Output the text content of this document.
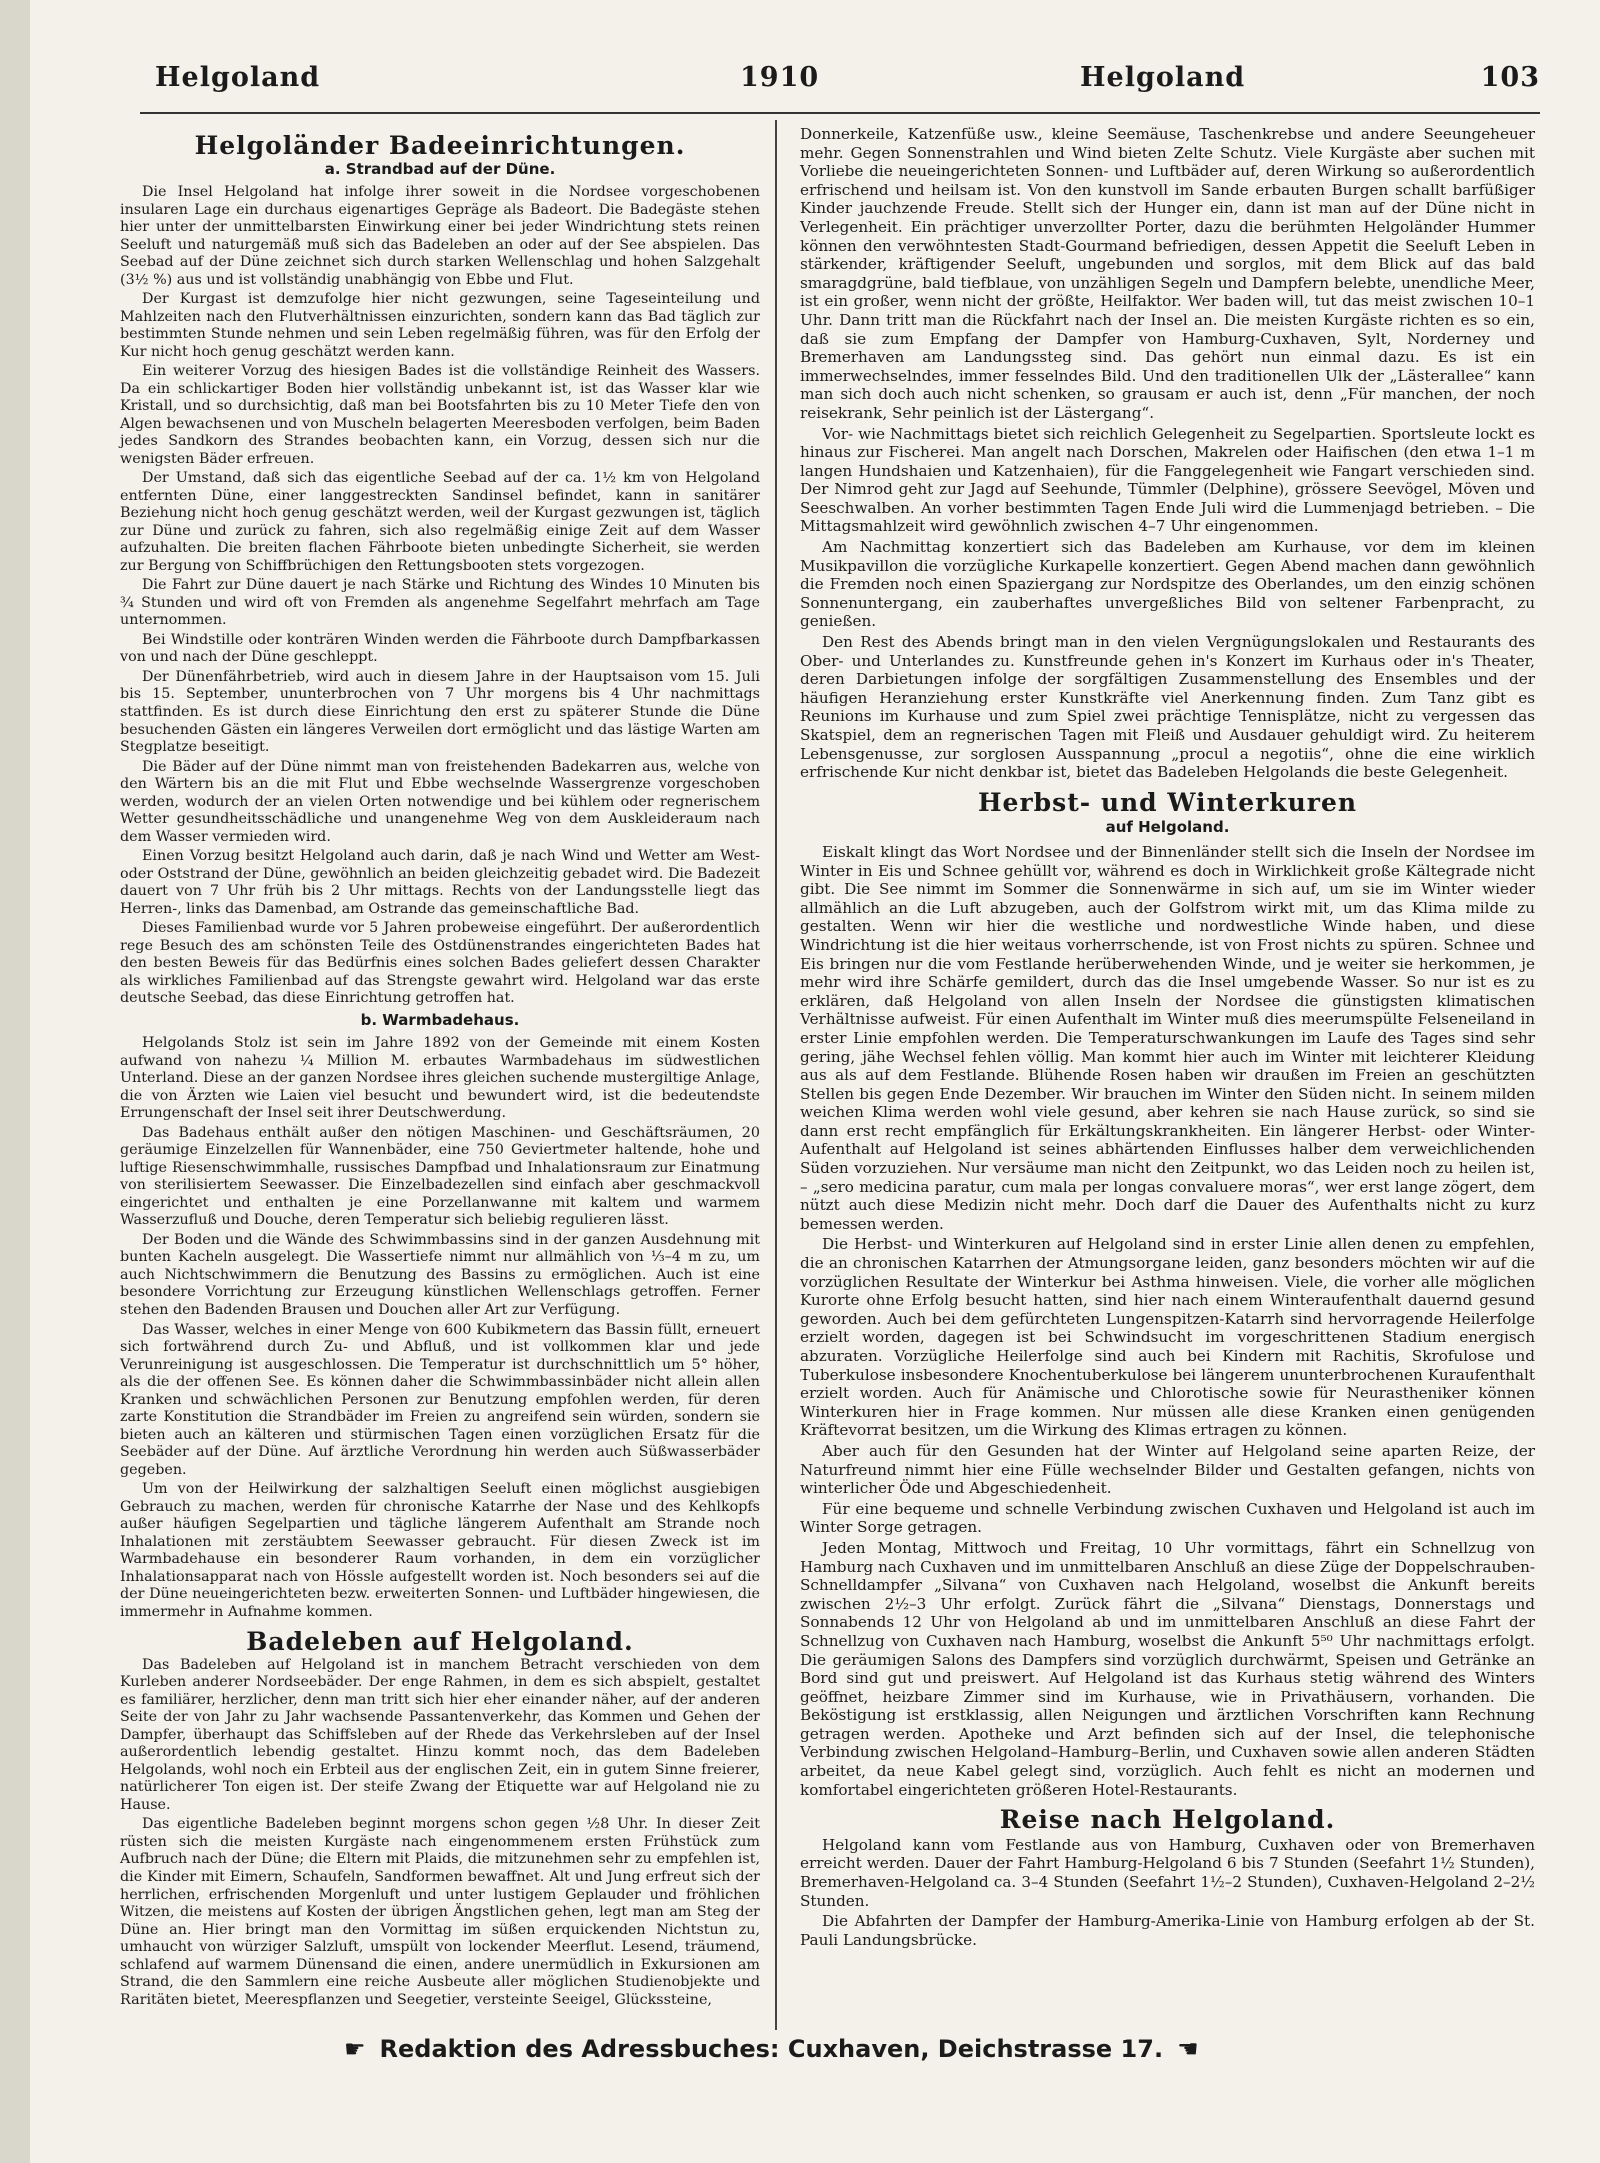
Helgoland	1910	Helgoland	103
Helgoländer Badeeinrichtungen.
a. Strandbad auf der Düne.

Die Insel Helgoland hat infolge ihrer soweit in die Nordsee vorgeschobenen insularen Lage ein durchaus eigenartiges Gepräge als Badeort. Die Badegäste stehen hier unter der unmittelbarsten Einwirkung einer bei jeder Windrichtung stets reinen Seeluft und naturgemäß muß sich das Badeleben an oder auf der See abspielen. Das Seebad auf der Düne zeichnet sich durch starken Wellenschlag und hohen Salzgehalt (3½ %) aus und ist vollständig unabhängig von Ebbe und Flut.

Der Kurgast ist demzufolge hier nicht gezwungen, seine Tageseinteilung und Mahlzeiten nach den Flutverhältnissen einzurichten, sondern kann das Bad täglich zur bestimmten Stunde nehmen und sein Leben regelmäßig führen, was für den Erfolg der Kur nicht hoch genug geschätzt werden kann.

Ein weiterer Vorzug des hiesigen Bades ist die vollständige Reinheit des Wassers. Da ein schlickartiger Boden hier vollständig unbekannt ist, ist das Wasser klar wie Kristall, und so durchsichtig, daß man bei Bootsfahrten bis zu 10 Meter Tiefe den von Algen bewachsenen und von Muscheln belagerten Meeresboden verfolgen, beim Baden jedes Sandkorn des Strandes beobachten kann, ein Vorzug, dessen sich nur die wenigsten Bäder erfreuen.

Der Umstand, daß sich das eigentliche Seebad auf der ca. 1½ km von Helgoland entfernten Düne, einer langgestreckten Sandinsel befindet, kann in sanitärer Beziehung nicht hoch genug geschätzt werden, weil der Kurgast gezwungen ist, täglich zur Düne und zurück zu fahren, sich also regelmäßig einige Zeit auf dem Wasser aufzuhalten. Die breiten flachen Fährboote bieten unbedingte Sicherheit, sie werden zur Bergung von Schiffbrüchigen den Rettungsbooten stets vorgezogen.

Die Fahrt zur Düne dauert je nach Stärke und Richtung des Windes 10 Minuten bis ¾ Stunden und wird oft von Fremden als angenehme Segelfahrt mehrfach am Tage unternommen.

Bei Windstille oder konträren Winden werden die Fährboote durch Dampfbarkassen von und nach der Düne geschleppt.

Der Dünenfährbetrieb, wird auch in diesem Jahre in der Hauptsaison vom 15. Juli bis 15. September, ununterbrochen von 7 Uhr morgens bis 4 Uhr nachmittags stattfinden. Es ist durch diese Einrichtung den erst zu späterer Stunde die Düne besuchenden Gästen ein längeres Verweilen dort ermöglicht und das lästige Warten am Stegplatze beseitigt.

Die Bäder auf der Düne nimmt man von freistehenden Badekarren aus, welche von den Wärtern bis an die mit Flut und Ebbe wechselnde Wassergrenze vorgeschoben werden, wodurch der an vielen Orten notwendige und bei kühlem oder regnerischem Wetter gesundheitsschädliche und unangenehme Weg von dem Auskleideraum nach dem Wasser vermieden wird.

Einen Vorzug besitzt Helgoland auch darin, daß je nach Wind und Wetter am West- oder Oststrand der Düne, gewöhnlich an beiden gleichzeitig gebadet wird. Die Badezeit dauert von 7 Uhr früh bis 2 Uhr mittags. Rechts von der Landungsstelle liegt das Herren-, links das Damenbad, am Ostrande das gemeinschaftliche Bad.

Dieses Familienbad wurde vor 5 Jahren probeweise eingeführt. Der außerordentlich rege Besuch des am schönsten Teile des Ostdünenstrandes eingerichteten Bades hat den besten Beweis für das Bedürfnis eines solchen Bades geliefert dessen Charakter als wirkliches Familienbad auf das Strengste gewahrt wird. Helgoland war das erste deutsche Seebad, das diese Einrichtung getroffen hat.

b. Warmbadehaus.

Helgolands Stolz ist sein im Jahre 1892 von der Gemeinde mit einem Kosten aufwand von nahezu ¼ Million M. erbautes Warmbadehaus im südwestlichen Unterland. Diese an der ganzen Nordsee ihres gleichen suchende mustergiltige Anlage, die von Ärzten wie Laien viel besucht und bewundert wird, ist die bedeutendste Errungenschaft der Insel seit ihrer Deutschwerdung.

Das Badehaus enthält außer den nötigen Maschinen- und Geschäftsräumen, 20 geräumige Einzelzellen für Wannenbäder, eine 750 Geviertmeter haltende, hohe und luftige Riesenschwimmhalle, russisches Dampfbad und Inhalationsraum zur Einatmung von sterilisiertem Seewasser. Die Einzelbadezellen sind einfach aber geschmackvoll eingerichtet und enthalten je eine Porzellanwanne mit kaltem und warmem Wasserzufluß und Douche, deren Temperatur sich beliebig regulieren lässt.

Der Boden und die Wände des Schwimmbassins sind in der ganzen Ausdehnung mit bunten Kacheln ausgelegt. Die Wassertiefe nimmt nur allmählich von ⅓–4 m zu, um auch Nichtschwimmern die Benutzung des Bassins zu ermöglichen. Auch ist eine besondere Vorrichtung zur Erzeugung künstlichen Wellenschlags getroffen. Ferner stehen den Badenden Brausen und Douchen aller Art zur Verfügung.

Das Wasser, welches in einer Menge von 600 Kubikmetern das Bassin füllt, erneuert sich fortwährend durch Zu- und Abfluß, und ist vollkommen klar und jede Verunreinigung ist ausgeschlossen. Die Temperatur ist durchschnittlich um 5° höher, als die der offenen See. Es können daher die Schwimmbassinbäder nicht allein allen Kranken und schwächlichen Personen zur Benutzung empfohlen werden, für deren zarte Konstitution die Strandbäder im Freien zu angreifend sein würden, sondern sie bieten auch an kälteren und stürmischen Tagen einen vorzüglichen Ersatz für die Seebäder auf der Düne. Auf ärztliche Verordnung hin werden auch Süßwasserbäder gegeben.

Um von der Heilwirkung der salzhaltigen Seeluft einen möglichst ausgiebigen Gebrauch zu machen, werden für chronische Katarrhe der Nase und des Kehlkopfs außer häufigen Segelpartien und tägliche längerem Aufenthalt am Strande noch Inhalationen mit zerstäubtem Seewasser gebraucht. Für diesen Zweck ist im Warmbadehause ein besonderer Raum vorhanden, in dem ein vorzüglicher Inhalationsapparat nach von Hössle aufgestellt worden ist. Noch besonders sei auf die der Düne neueingerichteten bezw. erweiterten Sonnen- und Luftbäder hingewiesen, die immermehr in Aufnahme kommen.

Badeleben auf Helgoland.

Das Badeleben auf Helgoland ist in manchem Betracht verschieden von dem Kurleben anderer Nordseebäder. Der enge Rahmen, in dem es sich abspielt, gestaltet es familiärer, herzlicher, denn man tritt sich hier eher einander näher, auf der anderen Seite der von Jahr zu Jahr wachsende Passantenverkehr, das Kommen und Gehen der Dampfer, überhaupt das Schiffsleben auf der Rhede das Verkehrsleben auf der Insel außerordentlich lebendig gestaltet. Hinzu kommt noch, das dem Badeleben Helgolands, wohl noch ein Erbteil aus der englischen Zeit, ein in gutem Sinne freierer, natürlicherer Ton eigen ist. Der steife Zwang der Etiquette war auf Helgoland nie zu Hause.

Das eigentliche Badeleben beginnt morgens schon gegen ½8 Uhr. In dieser Zeit rüsten sich die meisten Kurgäste nach eingenommenem ersten Frühstück zum Aufbruch nach der Düne; die Eltern mit Plaids, die mitzunehmen sehr zu empfehlen ist, die Kinder mit Eimern, Schaufeln, Sandformen bewaffnet. Alt und Jung erfreut sich der herrlichen, erfrischenden Morgenluft und unter lustigem Geplauder und fröhlichen Witzen, die meistens auf Kosten der übrigen Ängstlichen gehen, legt man am Steg der Düne an. Hier bringt man den Vormittag im süßen erquickenden Nichtstun zu, umhaucht von würziger Salzluft, umspült von lockender Meerflut. Lesend, träumend, schlafend auf warmem Dünensand die einen, andere unermüdlich in Exkursionen am Strand, die den Sammlern eine reiche Ausbeute aller möglichen Studienobjekte und Raritäten bietet, Meerespflanzen und Seegetier, versteinte Seeigel, Glückssteine,

Donnerkeile, Katzenfüße usw., kleine Seemäuse, Taschenkrebse und andere Seeungeheuer mehr. Gegen Sonnenstrahlen und Wind bieten Zelte Schutz. Viele Kurgäste aber suchen mit Vorliebe die neueingerichteten Sonnen- und Luftbäder auf, deren Wirkung so außerordentlich erfrischend und heilsam ist. Von den kunstvoll im Sande erbauten Burgen schallt barfüßiger Kinder jauchzende Freude. Stellt sich der Hunger ein, dann ist man auf der Düne nicht in Verlegenheit. Ein prächtiger unverzollter Porter, dazu die berühmten Helgoländer Hummer können den verwöhntesten Stadt-Gourmand befriedigen, dessen Appetit die Seeluft Leben in stärkender, kräftigender Seeluft, ungebunden und sorglos, mit dem Blick auf das bald smaragdgrüne, bald tiefblaue, von unzähligen Segeln und Dampfern belebte, unendliche Meer, ist ein großer, wenn nicht der größte, Heilfaktor. Wer baden will, tut das meist zwischen 10–1 Uhr. Dann tritt man die Rückfahrt nach der Insel an. Die meisten Kurgäste richten es so ein, daß sie zum Empfang der Dampfer von Hamburg-Cuxhaven, Sylt, Norderney und Bremerhaven am Landungssteg sind. Das gehört nun einmal dazu. Es ist ein immerwechselndes, immer fesselndes Bild. Und den traditionellen Ulk der „Lästerallee“ kann man sich doch auch nicht schenken, so grausam er auch ist, denn „Für manchen, der noch reisekrank, Sehr peinlich ist der Lästergang“.

Vor- wie Nachmittags bietet sich reichlich Gelegenheit zu Segelpartien. Sportsleute lockt es hinaus zur Fischerei. Man angelt nach Dorschen, Makrelen oder Haifischen (den etwa 1–1 m langen Hundshaien und Katzenhaien), für die Fanggelegenheit wie Fangart verschieden sind. Der Nimrod geht zur Jagd auf Seehunde, Tümmler (Delphine), grössere Seevögel, Möven und Seeschwalben. An vorher bestimmten Tagen Ende Juli wird die Lummenjagd betrieben. – Die Mittagsmahlzeit wird gewöhnlich zwischen 4–7 Uhr eingenommen.

Am Nachmittag konzertiert sich das Badeleben am Kurhause, vor dem im kleinen Musikpavillon die vorzügliche Kurkapelle konzertiert. Gegen Abend machen dann gewöhnlich die Fremden noch einen Spaziergang zur Nordspitze des Oberlandes, um den einzig schönen Sonnenuntergang, ein zauberhaftes unvergeßliches Bild von seltener Farbenpracht, zu genießen.

Den Rest des Abends bringt man in den vielen Vergnügungslokalen und Restaurants des Ober- und Unterlandes zu. Kunstfreunde gehen in's Konzert im Kurhaus oder in's Theater, deren Darbietungen infolge der sorgfältigen Zusammenstellung des Ensembles und der häufigen Heranziehung erster Kunstkräfte viel Anerkennung finden. Zum Tanz gibt es Reunions im Kurhause und zum Spiel zwei prächtige Tennisplätze, nicht zu vergessen das Skatspiel, dem an regnerischen Tagen mit Fleiß und Ausdauer gehuldigt wird. Zu heiterem Lebensgenusse, zur sorglosen Ausspannung „procul a negotiis“, ohne die eine wirklich erfrischende Kur nicht denkbar ist, bietet das Badeleben Helgolands die beste Gelegenheit.

Herbst- und Winterkuren
auf Helgoland.

Eiskalt klingt das Wort Nordsee und der Binnenländer stellt sich die Inseln der Nordsee im Winter in Eis und Schnee gehüllt vor, während es doch in Wirklichkeit große Kältegrade nicht gibt. Die See nimmt im Sommer die Sonnenwärme in sich auf, um sie im Winter wieder allmählich an die Luft abzugeben, auch der Golfstrom wirkt mit, um das Klima milde zu gestalten. Wenn wir hier die westliche und nordwestliche Winde haben, und diese Windrichtung ist die hier weitaus vorherrschende, ist von Frost nichts zu spüren. Schnee und Eis bringen nur die vom Festlande herüberwehenden Winde, und je weiter sie herkommen, je mehr wird ihre Schärfe gemildert, durch das die Insel umgebende Wasser. So nur ist es zu erklären, daß Helgoland von allen Inseln der Nordsee die günstigsten klimatischen Verhältnisse aufweist. Für einen Aufenthalt im Winter muß dies meerumspülte Felseneiland in erster Linie empfohlen werden. Die Temperaturschwankungen im Laufe des Tages sind sehr gering, jähe Wechsel fehlen völlig. Man kommt hier auch im Winter mit leichterer Kleidung aus als auf dem Festlande. Blühende Rosen haben wir draußen im Freien an geschützten Stellen bis gegen Ende Dezember. Wir brauchen im Winter den Süden nicht. In seinem milden weichen Klima werden wohl viele gesund, aber kehren sie nach Hause zurück, so sind sie dann erst recht empfänglich für Erkältungskrankheiten. Ein längerer Herbst- oder Winter-Aufenthalt auf Helgoland ist seines abhärtenden Einflusses halber dem verweichlichenden Süden vorzuziehen. Nur versäume man nicht den Zeitpunkt, wo das Leiden noch zu heilen ist, – „sero medicina paratur, cum mala per longas convaluere moras“, wer erst lange zögert, dem nützt auch diese Medizin nicht mehr. Doch darf die Dauer des Aufenthalts nicht zu kurz bemessen werden.

Die Herbst- und Winterkuren auf Helgoland sind in erster Linie allen denen zu empfehlen, die an chronischen Katarrhen der Atmungsorgane leiden, ganz besonders möchten wir auf die vorzüglichen Resultate der Winterkur bei Asthma hinweisen. Viele, die vorher alle möglichen Kurorte ohne Erfolg besucht hatten, sind hier nach einem Winteraufenthalt dauernd gesund geworden. Auch bei dem gefürchteten Lungenspitzen-Katarrh sind hervorragende Heilerfolge erzielt worden, dagegen ist bei Schwindsucht im vorgeschrittenen Stadium energisch abzuraten. Vorzügliche Heilerfolge sind auch bei Kindern mit Rachitis, Skrofulose und Tuberkulose insbesondere Knochentuberkulose bei längerem ununterbrochenen Kuraufenthalt erzielt worden. Auch für Anämische und Chlorotische sowie für Neurastheniker können Winterkuren hier in Frage kommen. Nur müssen alle diese Kranken einen genügenden Kräftevorrat besitzen, um die Wirkung des Klimas ertragen zu können.

Aber auch für den Gesunden hat der Winter auf Helgoland seine aparten Reize, der Naturfreund nimmt hier eine Fülle wechselnder Bilder und Gestalten gefangen, nichts von winterlicher Öde und Abgeschiedenheit.

Für eine bequeme und schnelle Verbindung zwischen Cuxhaven und Helgoland ist auch im Winter Sorge getragen.

Jeden Montag, Mittwoch und Freitag, 10 Uhr vormittags, fährt ein Schnellzug von Hamburg nach Cuxhaven und im unmittelbaren Anschluß an diese Züge der Doppelschrauben-Schnelldampfer „Silvana“ von Cuxhaven nach Helgoland, woselbst die Ankunft bereits zwischen 2½–3 Uhr erfolgt. Zurück fährt die „Silvana“ Dienstags, Donnerstags und Sonnabends 12 Uhr von Helgoland ab und im unmittelbaren Anschluß an diese Fahrt der Schnellzug von Cuxhaven nach Hamburg, woselbst die Ankunft 5⁵⁰ Uhr nachmittags erfolgt. Die geräumigen Salons des Dampfers sind vorzüglich durchwärmt, Speisen und Getränke an Bord sind gut und preiswert. Auf Helgoland ist das Kurhaus stetig während des Winters geöffnet, heizbare Zimmer sind im Kurhause, wie in Privathäusern, vorhanden. Die Beköstigung ist erstklassig, allen Neigungen und ärztlichen Vorschriften kann Rechnung getragen werden. Apotheke und Arzt befinden sich auf der Insel, die telephonische Verbindung zwischen Helgoland–Hamburg–Berlin, und Cuxhaven sowie allen anderen Städten arbeitet, da neue Kabel gelegt sind, vorzüglich. Auch fehlt es nicht an modernen und komfortabel eingerichteten größeren Hotel-Restaurants.

Reise nach Helgoland.

Helgoland kann vom Festlande aus von Hamburg, Cuxhaven oder von Bremerhaven erreicht werden. Dauer der Fahrt Hamburg-Helgoland 6 bis 7 Stunden (Seefahrt 1½ Stunden), Bremerhaven-Helgoland ca. 3–4 Stunden (Seefahrt 1½–2 Stunden), Cuxhaven-Helgoland 2–2½ Stunden.

Die Abfahrten der Dampfer der Hamburg-Amerika-Linie von Hamburg erfolgen ab der St. Pauli Landungsbrücke.

☛ Redaktion des Adressbuches: Cuxhaven, Deichstrasse 17. ☚
